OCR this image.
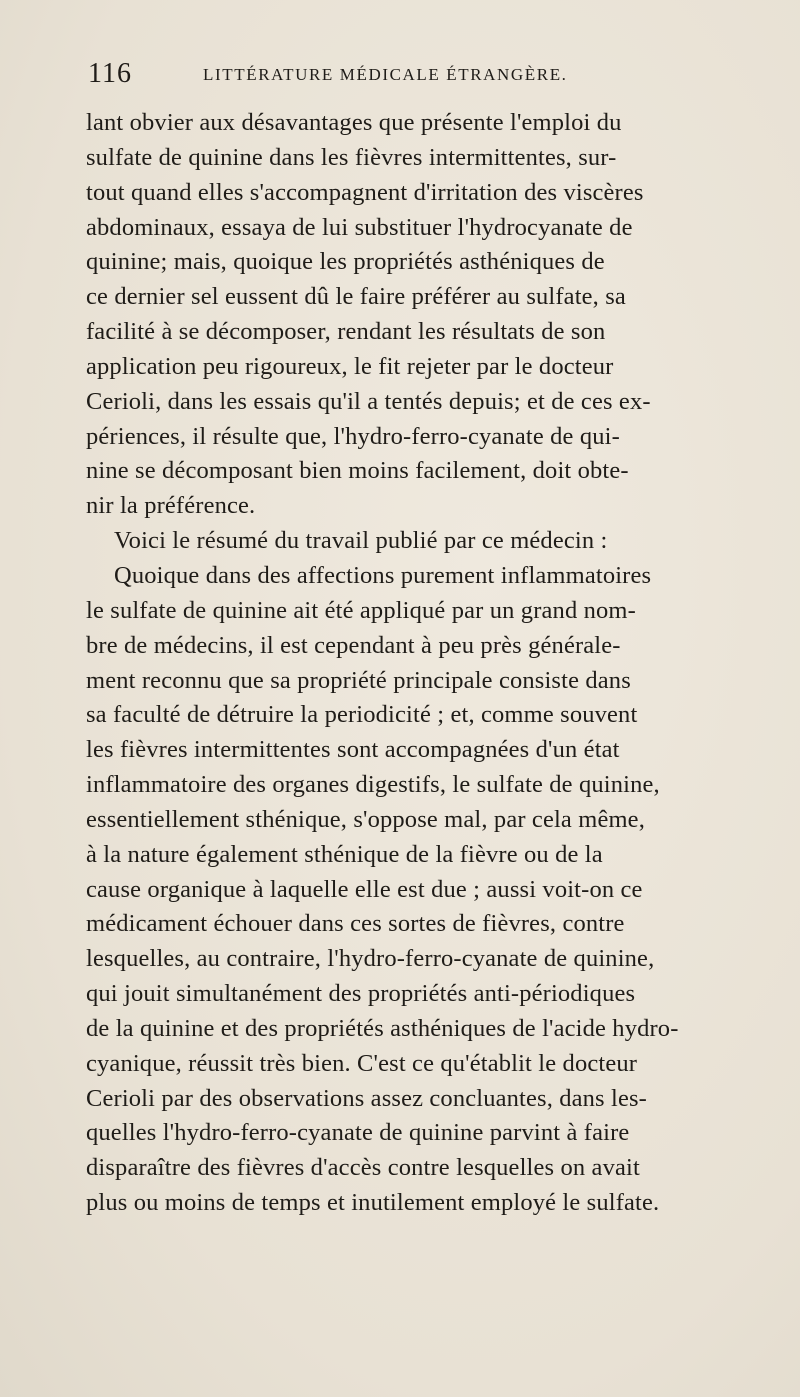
116	LITTÉRATURE MÉDICALE ÉTRANGÈRE.
lant obvier aux désavantages que présente l'emploi du
sulfate de quinine dans les fièvres intermittentes, sur-
tout quand elles s'accompagnent d'irritation des viscères
abdominaux, essaya de lui substituer l'hydrocyanate de
quinine; mais, quoique les propriétés asthéniques de
ce dernier sel eussent dû le faire préférer au sulfate, sa
facilité à se décomposer, rendant les résultats de son
application peu rigoureux, le fit rejeter par le docteur
Cerioli, dans les essais qu'il a tentés depuis; et de ces ex-
périences, il résulte que, l'hydro-ferro-cyanate de qui-
nine se décomposant bien moins facilement, doit obte-
nir la préférence.
Voici le résumé du travail publié par ce médecin :
Quoique dans des affections purement inflammatoires
le sulfate de quinine ait été appliqué par un grand nom-
bre de médecins, il est cependant à peu près générale-
ment reconnu que sa propriété principale consiste dans
sa faculté de détruire la periodicité ; et, comme souvent
les fièvres intermittentes sont accompagnées d'un état
inflammatoire des organes digestifs, le sulfate de quinine,
essentiellement sthénique, s'oppose mal, par cela même,
à la nature également sthénique de la fièvre ou de la
cause organique à laquelle elle est due ; aussi voit-on ce
médicament échouer dans ces sortes de fièvres, contre
lesquelles, au contraire, l'hydro-ferro-cyanate de quinine,
qui jouit simultanément des propriétés anti-périodiques
de la quinine et des propriétés asthéniques de l'acide hydro-
cyanique, réussit très bien. C'est ce qu'établit le docteur
Cerioli par des observations assez concluantes, dans les-
quelles l'hydro-ferro-cyanate de quinine parvint à faire
disparaître des fièvres d'accès contre lesquelles on avait
plus ou moins de temps et inutilement employé le sulfate.
